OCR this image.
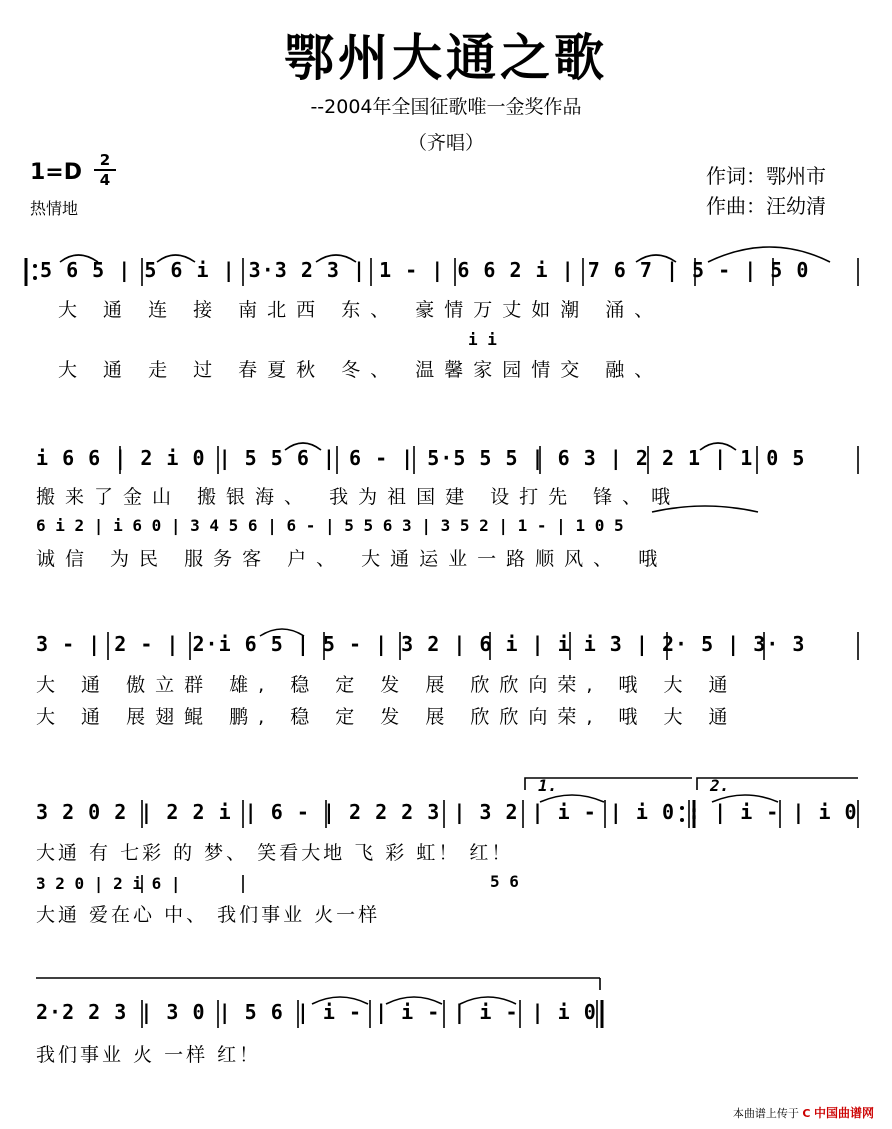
鄂州大通之歌
--2004年全国征歌唯一金奖作品
（齐唱）
1=D	2
4
热情地
作词：鄂州市
作曲：汪幼清
5 6 5 | 5 6 i | 3·3 2 3 | 1 - | 6 6 2 i | 7 6 7 | 5 - | 5 0
大 通 连 接 南北西 东、 豪情万丈如潮 涌、
i i
大 通 走 过 春夏秋 冬、 温馨家园情交 融、
i 6 6 | 2 i 0 | 5 5 6 | 6 - | 5·5 5 5 | 6 3 | 2 2 1 | 1 0 5
搬来了金山 搬银海、 我为祖国建 设打先 锋、哦
6 i 2 | i 6 0 | 3 4 5 6 | 6 - | 5 5 6 3 | 3 5 2 | 1 - | 1 0 5
诚信 为民 服务客 户、 大通运业一路顺风、 哦
3 - | 2 - | 2·i 6 5 | 5 - | 3 2 | 6 i | i i 3 | 2· 5 | 3· 3
大 通 傲立群 雄, 稳 定 发 展 欣欣向荣, 哦 大 通
大 通 展翅鲲 鹏, 稳 定 发 展 欣欣向荣, 哦 大 通
1.	2.
3 2 0 2 | 2 2 i | 6 - | 2 2 2 3 | 3 2 | i - | i 0 : | i - | i 0
大通 有 七彩 的 梦、 笑看大地 飞 彩 虹！ 红！
3 2 0 | 2 i 6 |	5 6
大通 爱在心 中、 我们事业 火一样
2·2 2 3 | 3 0 | 5 6 | i - | i - | i - | i 0
我们事业 火 一样 红！
本曲谱上传于 C 中国曲谱网
